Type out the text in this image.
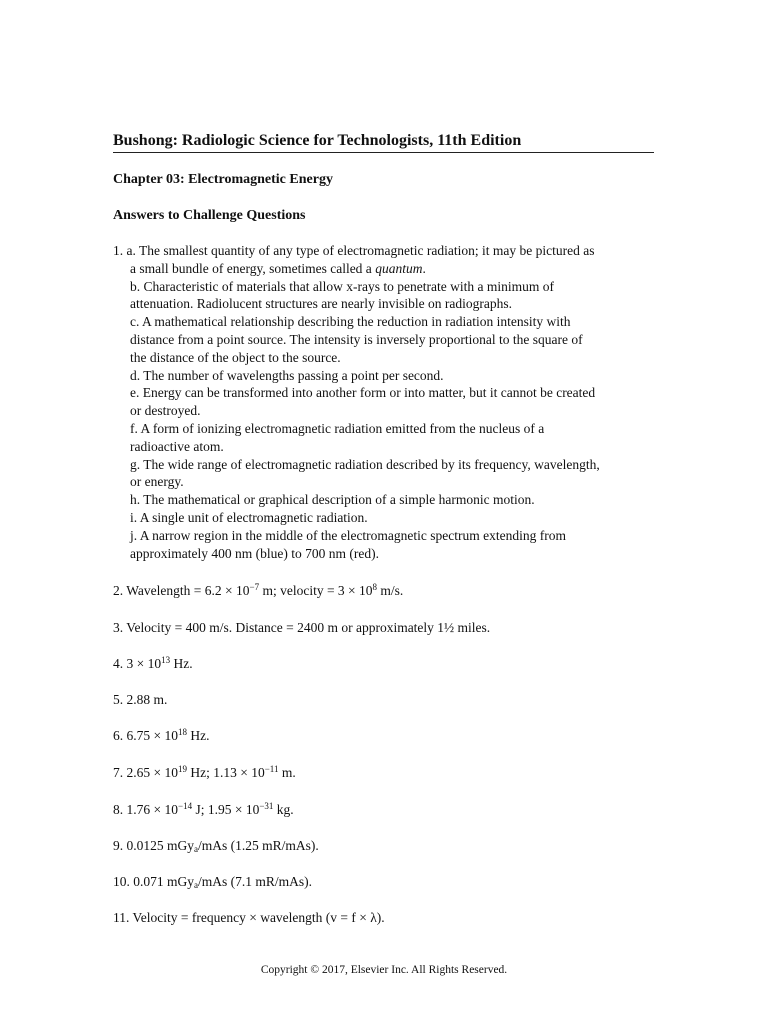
Bushong: Radiologic Science for Technologists, 11th Edition
Chapter 03: Electromagnetic Energy
Answers to Challenge Questions
1. a. The smallest quantity of any type of electromagnetic radiation; it may be pictured as
a small bundle of energy, sometimes called a quantum.
b. Characteristic of materials that allow x-rays to penetrate with a minimum of
attenuation. Radiolucent structures are nearly invisible on radiographs.
c. A mathematical relationship describing the reduction in radiation intensity with
distance from a point source. The intensity is inversely proportional to the square of
the distance of the object to the source.
d. The number of wavelengths passing a point per second.
e. Energy can be transformed into another form or into matter, but it cannot be created
or destroyed.
f. A form of ionizing electromagnetic radiation emitted from the nucleus of a
radioactive atom.
g. The wide range of electromagnetic radiation described by its frequency, wavelength,
or energy.
h. The mathematical or graphical description of a simple harmonic motion.
i. A single unit of electromagnetic radiation.
j. A narrow region in the middle of the electromagnetic spectrum extending from
approximately 400 nm (blue) to 700 nm (red).
2. Wavelength = $6.2 \times 10^{-7}$ m; velocity = $3 \times 10^8$ m/s.
3. Velocity = 400 m/s. Distance = 2400 m or approximately 1½ miles.
4. $3 \times 10^{13}$ Hz.
5. 2.88 m.
6. $6.75 \times 10^{18}$ Hz.
7. $2.65 \times 10^{19}$ Hz; $1.13 \times 10^{-11}$ m.
8. $1.76 \times 10^{-14}$ J; $1.95 \times 10^{-31}$ kg.
9. 0.0125 mGy$_a$/mAs (1.25 mR/mAs).
10. 0.071 mGy$_a$/mAs (7.1 mR/mAs).
11. Velocity = frequency × wavelength (v = f × λ).
Copyright © 2017, Elsevier Inc. All Rights Reserved.
